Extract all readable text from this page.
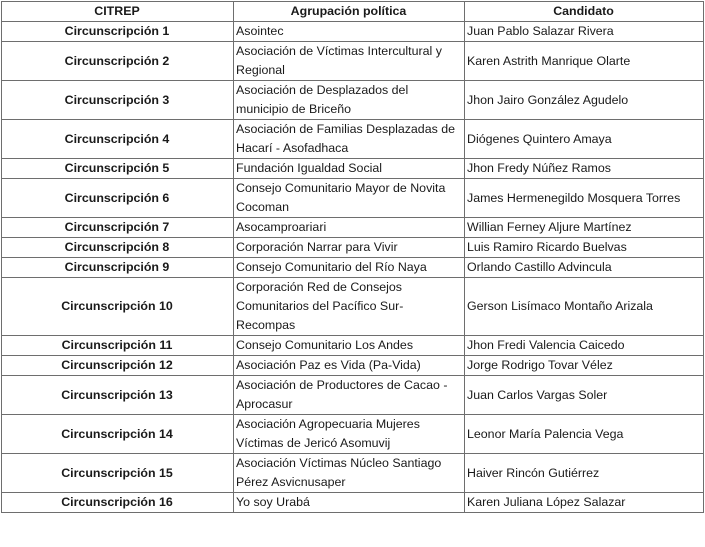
CITREP	Agrupación política	Candidato
Circunscripción 1	Asointec	Juan Pablo Salazar Rivera
Circunscripción 2	Asociación de Víctimas Intercultural y Regional	Karen Astrith Manrique Olarte
Circunscripción 3	Asociación de Desplazados del municipio de Briceño	Jhon Jairo González Agudelo
Circunscripción 4	Asociación de Familias Desplazadas de Hacarí - Asofadhaca	Diógenes Quintero Amaya
Circunscripción 5	Fundación Igualdad Social	Jhon Fredy Núñez Ramos
Circunscripción 6	Consejo Comunitario Mayor de Novita Cocoman	James Hermenegildo Mosquera Torres
Circunscripción 7	Asocamproariari	Willian Ferney Aljure Martínez
Circunscripción 8	Corporación Narrar para Vivir	Luis Ramiro Ricardo Buelvas
Circunscripción 9	Consejo Comunitario del Río Naya	Orlando Castillo Advincula
Circunscripción 10	Corporación Red de Consejos Comunitarios del Pacífico Sur-Recompas	Gerson Lisímaco Montaño Arizala
Circunscripción 11	Consejo Comunitario Los Andes	Jhon Fredi Valencia Caicedo
Circunscripción 12	Asociación Paz es Vida (Pa-Vida)	Jorge Rodrigo Tovar Vélez
Circunscripción 13	Asociación de Productores de Cacao - Aprocasur	Juan Carlos Vargas Soler
Circunscripción 14	Asociación Agropecuaria Mujeres Víctimas de Jericó Asomuvij	Leonor María Palencia Vega
Circunscripción 15	Asociación Víctimas Núcleo Santiago Pérez Asvicnusaper	Haiver Rincón Gutiérrez
Circunscripción 16	Yo soy Urabá	Karen Juliana López Salazar
